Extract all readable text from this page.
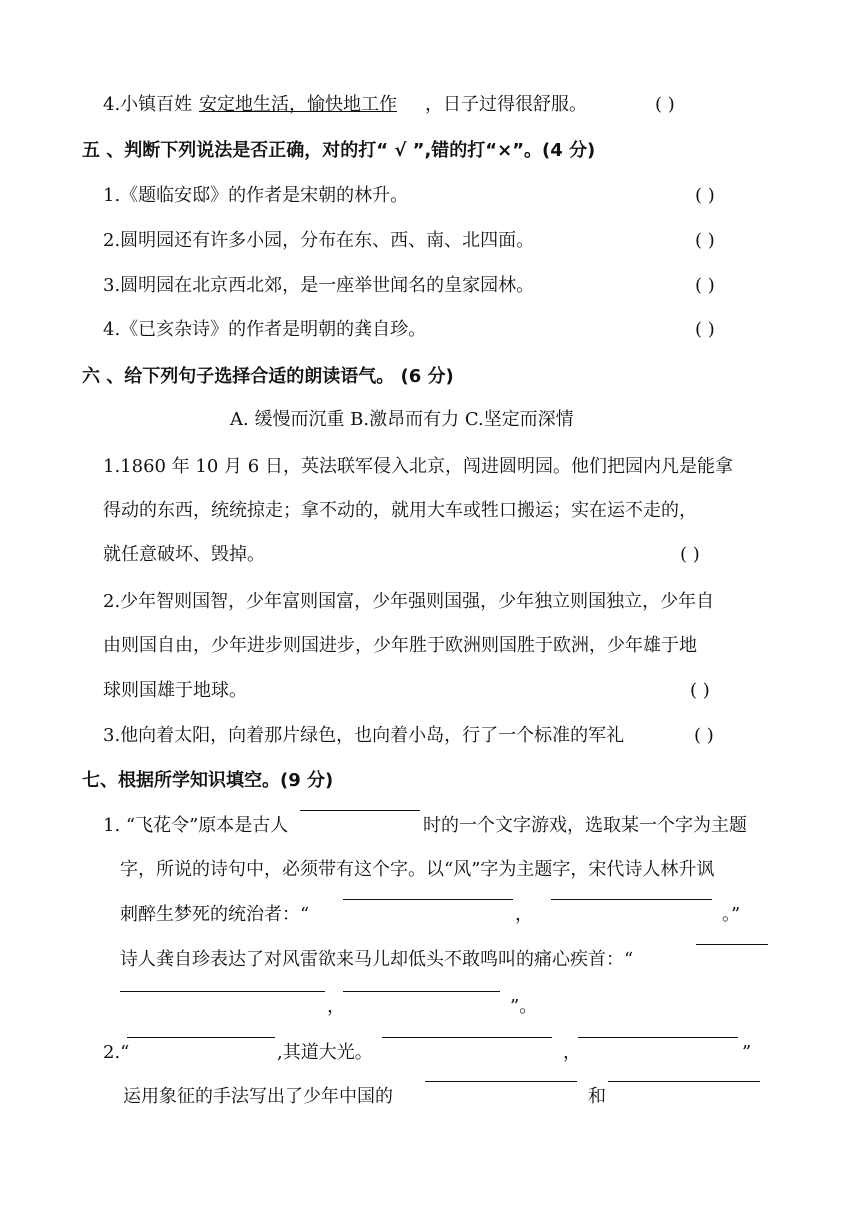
4.小镇百姓 安定地生活，愉快地工作 ，日子过得很舒服。	( )
五 、判断下列说法是否正确，对的打“ √ ”,错的打“×”。(4 分)
1.《题临安邸》的作者是宋朝的林升。	( )
2.圆明园还有许多小园，分布在东、西、南、北四面。	( )
3.圆明园在北京西北郊，是一座举世闻名的皇家园林。	( )
4.《已亥杂诗》的作者是明朝的龚自珍。	( )
六 、给下列句子选择合适的朗读语气。 (6 分)
A. 缓慢而沉重 B.激昂而有力 C.坚定而深情
1.1860 年 10 月 6 日，英法联军侵入北京，闯进圆明园。他们把园内凡是能拿
得动的东西，统统掠走；拿不动的，就用大车或牲口搬运；实在运不走的，
就任意破坏、毁掉。	( )
2.少年智则国智，少年富则国富，少年强则国强，少年独立则国独立，少年自
由则国自由，少年进步则国进步，少年胜于欧洲则国胜于欧洲，少年雄于地
球则国雄于地球。	( )
3.他向着太阳，向着那片绿色，也向着小岛，行了一个标准的军礼	( )
七、根据所学知识填空。(9 分)
1. “飞花令”原本是古人	时的一个文字游戏，选取某一个字为主题
字，所说的诗句中，必须带有这个字。以“风”字为主题字，宋代诗人林升讽
刺醉生梦死的统治者：“	，	。”
诗人龚自珍表达了对风雷欲来马儿却低头不敢鸣叫的痛心疾首：“
，	”。
2.“	,其道大光。	，	”
运用象征的手法写出了少年中国的	和
